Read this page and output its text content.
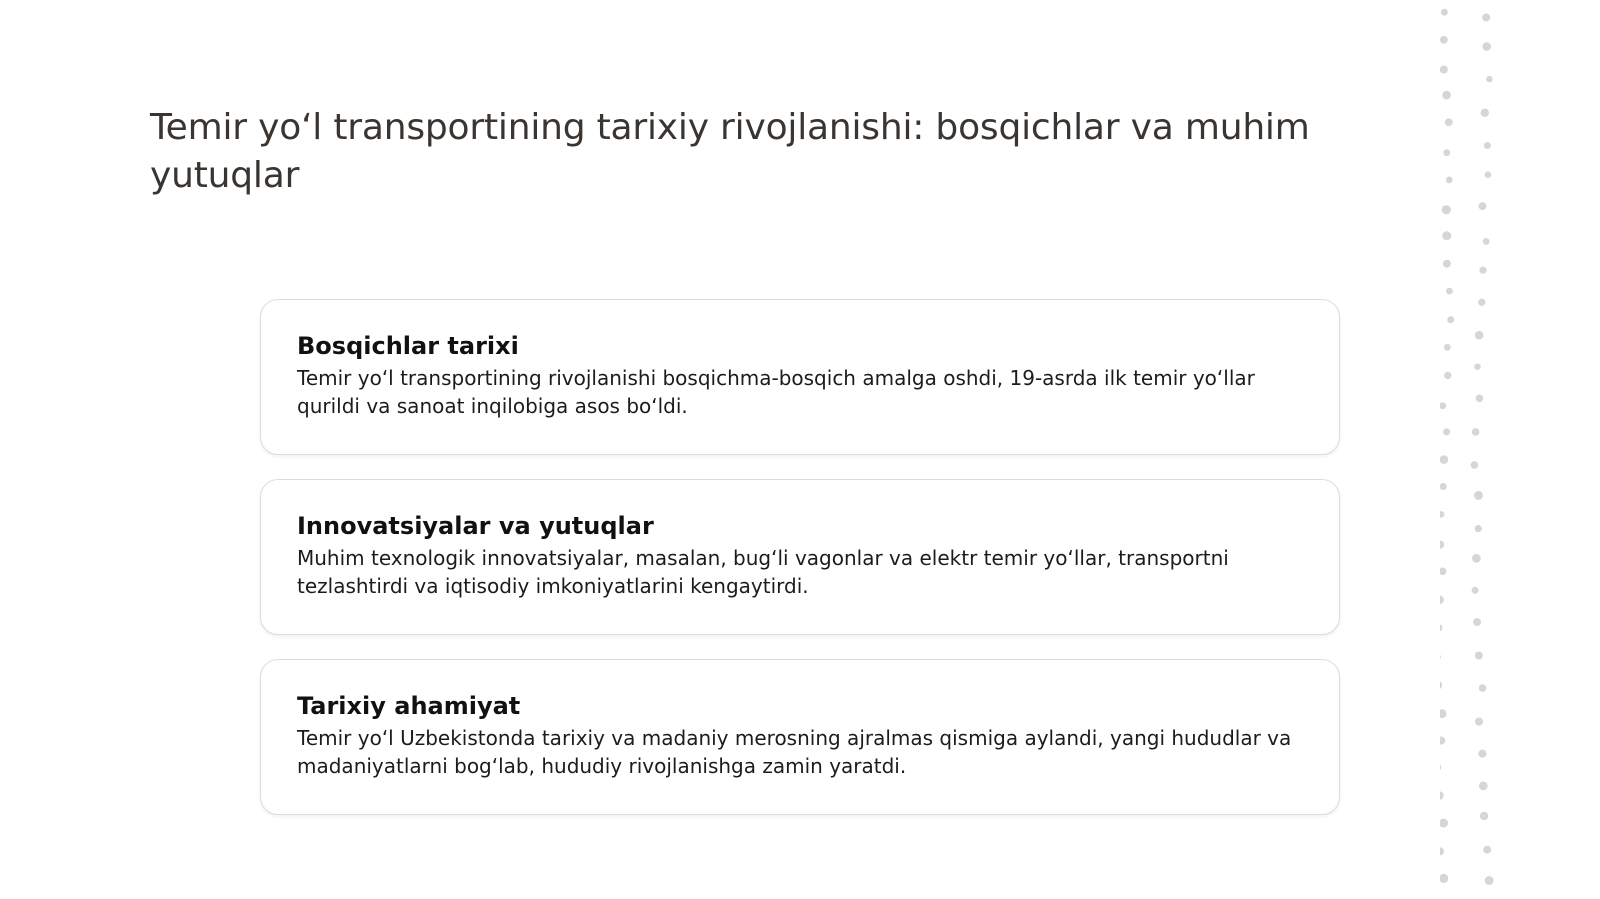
Temir yo‘l transportining tarixiy rivojlanishi: bosqichlar va muhim yutuqlar

Bosqichlar tarixi

Temir yo‘l transportining rivojlanishi bosqichma-bosqich amalga oshdi, 19-asrda ilk temir yo‘llar qurildi va sanoat inqilobiga asos bo‘ldi.

Innovatsiyalar va yutuqlar

Muhim texnologik innovatsiyalar, masalan, bug‘li vagonlar va elektr temir yo‘llar, transportni tezlashtirdi va iqtisodiy imkoniyatlarini kengaytirdi.

Tarixiy ahamiyat

Temir yo‘l Uzbekistonda tarixiy va madaniy merosning ajralmas qismiga aylandi, yangi hududlar va madaniyatlarni bog‘lab, hududiy rivojlanishga zamin yaratdi.
